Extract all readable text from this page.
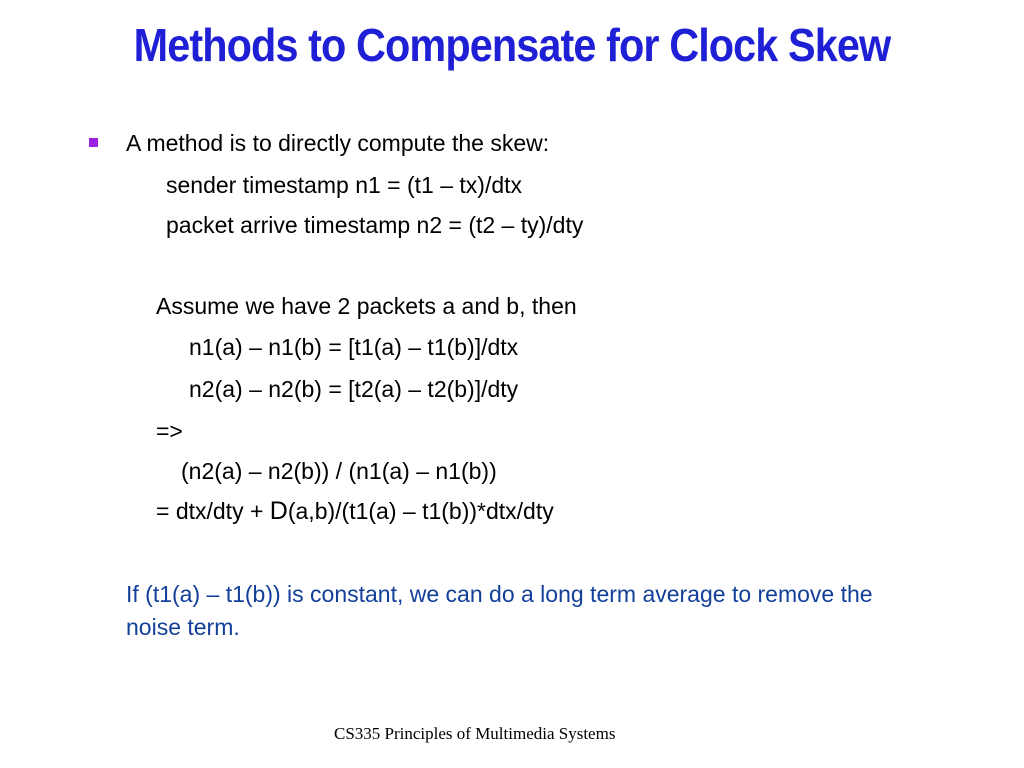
Methods to Compensate for Clock Skew
A method is to directly compute the skew:
sender timestamp n1 = (t1 – tx)/dtx
packet arrive timestamp n2 = (t2 – ty)/dty
Assume we have 2 packets a and b, then
n1(a) – n1(b) = [t1(a) – t1(b)]/dtx
n2(a) – n2(b) = [t2(a) – t2(b)]/dty
=>
(n2(a) – n2(b)) / (n1(a) – n1(b))
= dtx/dty + D(a,b)/(t1(a) – t1(b))*dtx/dty
If (t1(a) – t1(b)) is constant, we can do a long term average to remove the noise term.
CS335 Principles of Multimedia Systems
